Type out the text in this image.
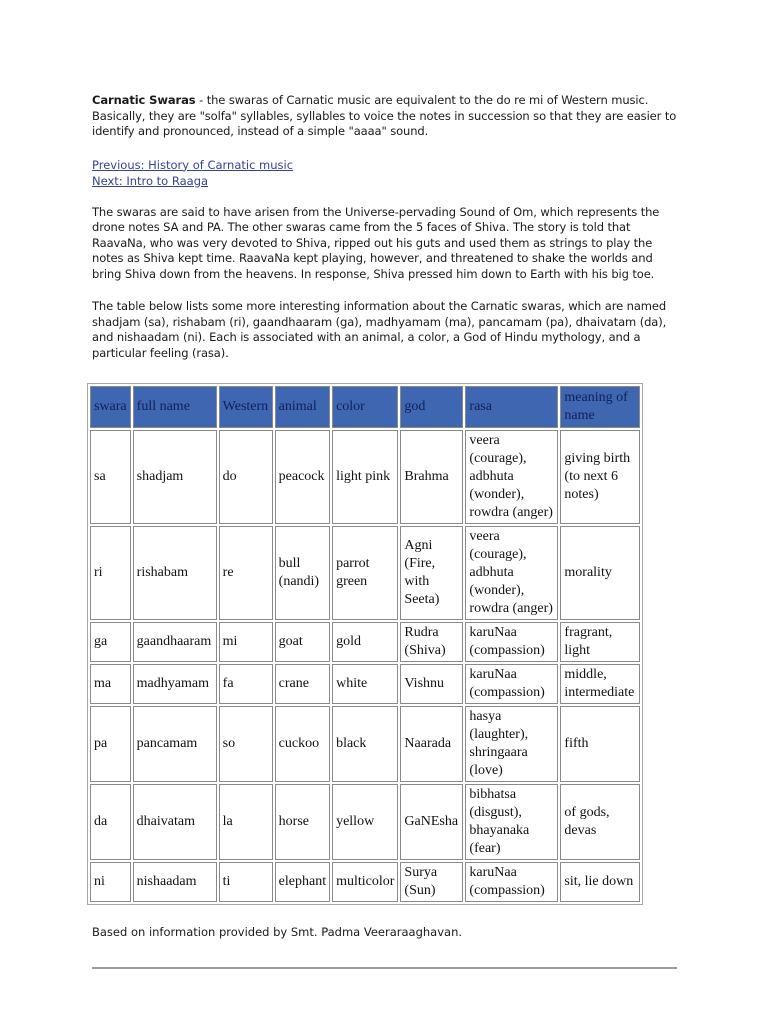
Carnatic Swaras - the swaras of Carnatic music are equivalent to the do re mi of Western music. Basically, they are "solfa" syllables, syllables to voice the notes in succession so that they are easier to identify and pronounced, instead of a simple "aaaa" sound.

Previous: History of Carnatic music
Next: Intro to Raaga

The swaras are said to have arisen from the Universe-pervading Sound of Om, which represents the drone notes SA and PA. The other swaras came from the 5 faces of Shiva. The story is told that RaavaNa, who was very devoted to Shiva, ripped out his guts and used them as strings to play the notes as Shiva kept time. RaavaNa kept playing, however, and threatened to shake the worlds and bring Shiva down from the heavens. In response, Shiva pressed him down to Earth with his big toe.

The table below lists some more interesting information about the Carnatic swaras, which are named shadjam (sa), rishabam (ri), gaandhaaram (ga), madhyamam (ma), pancamam (pa), dhaivatam (da), and nishaadam (ni). Each is associated with an animal, a color, a God of Hindu mythology, and a particular feeling (rasa).

swara	full name	Western	animal	color	god	rasa	meaning of name
sa	shadjam	do	peacock	light pink	Brahma	veera (courage), adbhuta (wonder), rowdra (anger)	giving birth (to next 6 notes)
ri	rishabam	re	bull (nandi)	parrot green	Agni (Fire, with Seeta)	veera (courage), adbhuta (wonder), rowdra (anger)	morality
ga	gaandhaaram	mi	goat	gold	Rudra (Shiva)	karuNaa (compassion)	fragrant, light
ma	madhyamam	fa	crane	white	Vishnu	karuNaa (compassion)	middle, intermediate
pa	pancamam	so	cuckoo	black	Naarada	hasya (laughter), shringaara (love)	fifth
da	dhaivatam	la	horse	yellow	GaNEsha	bibhatsa (disgust), bhayanaka (fear)	of gods, devas
ni	nishaadam	ti	elephant	multicolor	Surya (Sun)	karuNaa (compassion)	sit, lie down
Based on information provided by Smt. Padma Veeraraaghavan.
